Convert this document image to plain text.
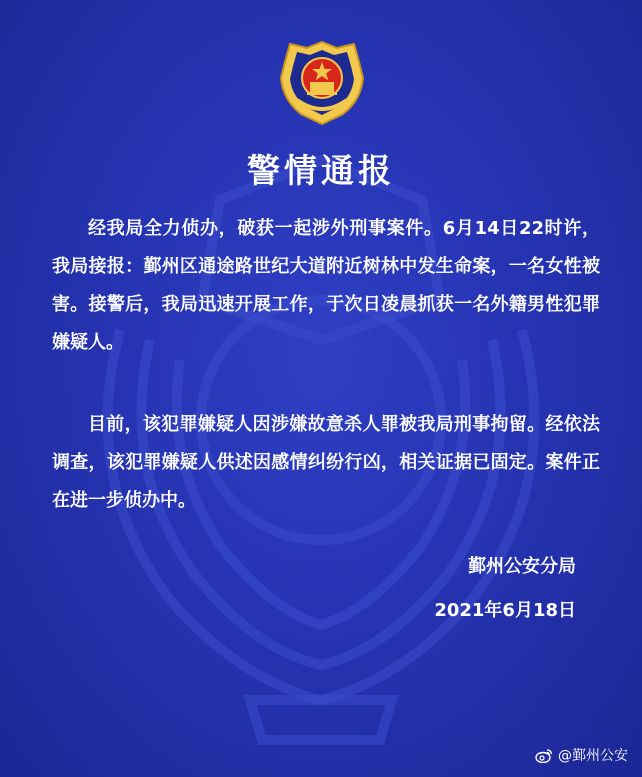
警情通报

经我局全力侦办，破获一起涉外刑事案件。6月14日22时许，我局接报：鄞州区通途路世纪大道附近树林中发生命案，一名女性被害。接警后，我局迅速开展工作，于次日凌晨抓获一名外籍男性犯罪嫌疑人。

目前，该犯罪嫌疑人因涉嫌故意杀人罪被我局刑事拘留。经依法调查，该犯罪嫌疑人供述因感情纠纷行凶，相关证据已固定。案件正在进一步侦办中。

鄞州公安分局
2021年6月18日
@鄞州公安
